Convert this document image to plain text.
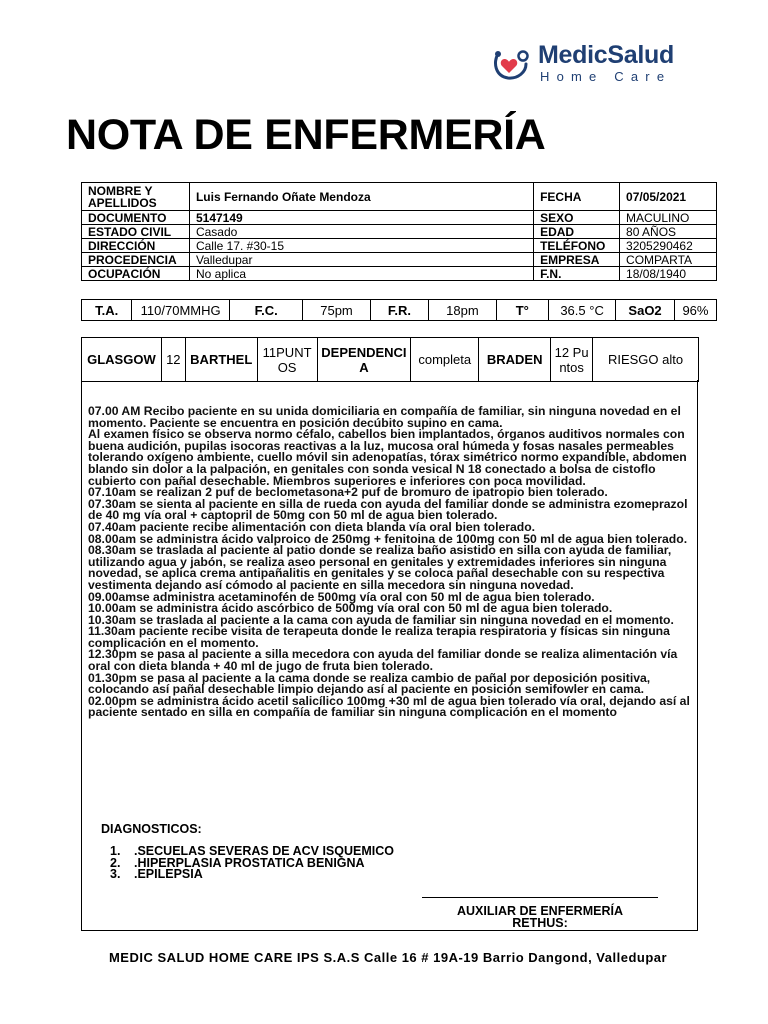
MedicSalud
Home Care
NOTA DE ENFERMERÍA
NOMBRE Y APELLIDOS	Luis Fernando Oñate Mendoza	FECHA	07/05/2021
DOCUMENTO	5147149	SEXO	MACULINO
ESTADO CIVIL	Casado	EDAD	80 AÑOS
DIRECCIÓN	Calle 17. #30-15	TELÉFONO	3205290462
PROCEDENCIA	Valledupar	EMPRESA	COMPARTA
OCUPACIÓN	No aplica	F.N.	18/08/1940
T.A.	110/70MMHG	F.C.	75pm	F.R.	18pm	T°	36.5 °C	SaO2	96%
GLASGOW	12	BARTHEL	11PUNTOS	DEPENDENCIA	completa	BRADEN	12 Puntos	RIESGO alto
07.00 AM Recibo paciente en su unida domiciliaria en compañía de familiar, sin ninguna novedad en el momento. Paciente se encuentra en posición decúbito supino en cama.
Al examen físico se observa normo céfalo, cabellos bien implantados, órganos auditivos normales con buena audición, pupilas isocoras reactivas a la luz, mucosa oral húmeda y fosas nasales permeables tolerando oxígeno ambiente, cuello móvil sin adenopatías, tórax simétrico normo expandible, abdomen blando sin dolor a la palpación, en genitales con sonda vesical N 18 conectado a bolsa de cistoflo cubierto con pañal desechable. Miembros superiores e inferiores con poca movilidad.
07.10am se realizan 2 puf de beclometasona+2 puf de bromuro de ipatropio bien tolerado.
07.30am se sienta al paciente en silla de rueda con ayuda del familiar donde se administra ezomeprazol de 40 mg vía oral + captopril de 50mg con 50 ml de agua bien tolerado.
07.40am paciente recibe alimentación con dieta blanda vía oral bien tolerado.
08.00am se administra ácido valproico de 250mg + fenitoina de 100mg con 50 ml de agua bien tolerado.
08.30am se traslada al paciente al patio donde se realiza baño asistido en silla con ayuda de familiar, utilizando agua y jabón, se realiza aseo personal en genitales y extremidades inferiores sin ninguna novedad, se aplica crema antipañalitis en genitales y se coloca pañal desechable con su respectiva vestimenta dejando así cómodo al paciente en silla mecedora sin ninguna novedad.
09.00amse administra acetaminofén de 500mg vía oral con 50 ml de agua bien tolerado.
10.00am se administra ácido ascórbico de 500mg vía oral con 50 ml de agua bien tolerado.
10.30am se traslada al paciente a la cama con ayuda de familiar sin ninguna novedad en el momento.
11.30am paciente recibe visita de terapeuta donde le realiza terapia respiratoria y físicas sin ninguna complicación en el momento.
12.30pm se pasa al paciente a silla mecedora con ayuda del familiar donde se realiza alimentación vía oral con dieta blanda + 40 ml de jugo de fruta bien tolerado.
01.30pm se pasa al paciente a la cama donde se realiza cambio de pañal por deposición positiva, colocando así pañal desechable limpio dejando así al paciente en posición semifowler en cama.
02.00pm se administra ácido acetil salicílico 100mg +30 ml de agua bien tolerado vía oral, dejando así al paciente sentado en silla en compañía de familiar sin ninguna complicación en el momento
DIAGNOSTICOS:
1. .SECUELAS SEVERAS DE ACV ISQUEMICO
2. .HIPERPLASIA PROSTATICA BENIGNA
3. .EPILEPSIA
AUXILIAR DE ENFERMERÍA
RETHUS:
MEDIC SALUD HOME CARE IPS S.A.S Calle 16 # 19A-19 Barrio Dangond, Valledupar
